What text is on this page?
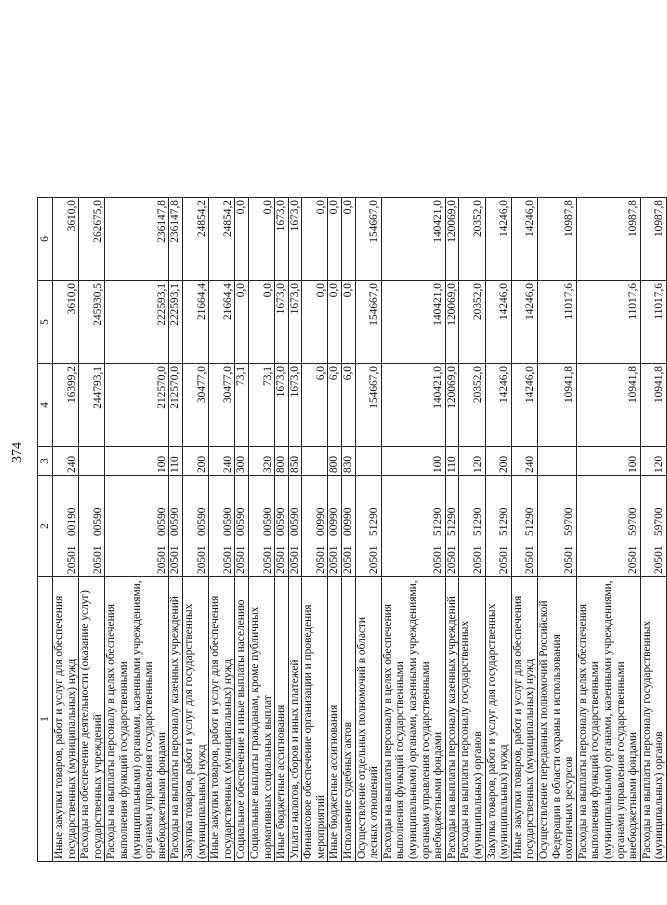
374
1	2	3	4	5	6
Иные закупки товаров, работ и услуг для обеспечения государственных (муниципальных) нужд	2050100190	240	16399,2	3610,0	3610,0
Расходы на обеспечение деятельности (оказание услуг) государственных учреждений	2050100590		244793,1	245930,5	262675,0
Расходы на выплаты персоналу в целях обеспечения выполнения функций государственными (муниципальными) органами, казенными учреждениями, органами управления государственными внебюджетными фондами	2050100590	100	212570,0	222593,1	236147,8
Расходы на выплаты персоналу казенных учреждений	2050100590	110	212570,0	222593,1	236147,8
Закупка товаров, работ и услуг для государственных (муниципальных) нужд	2050100590	200	30477,0	21664,4	24854,2
Иные закупки товаров, работ и услуг для обеспечения государственных (муниципальных) нужд	2050100590	240	30477,0	21664,4	24854,2
Социальное обеспечение и иные выплаты населению	2050100590	300	73,1	0,0	0,0
Социальные выплаты гражданам, кроме публичных нормативных социальных выплат	2050100590	320	73,1	0,0	0,0
Иные бюджетные ассигнования	2050100590	800	1673,0	1673,0	1673,0
Уплата налогов, сборов и иных платежей	2050100590	850	1673,0	1673,0	1673,0
Финансовое обеспечение организации и проведения мероприятий	2050100990		6,0	0,0	0,0
Иные бюджетные ассигнования	2050100990	800	6,0	0,0	0,0
Исполнение судебных актов	2050100990	830	6,0	0,0	0,0
Осуществление отдельных полномочий в области лесных отношений	2050151290		154667,0	154667,0	154667,0
Расходы на выплаты персоналу в целях обеспечения выполнения функций государственными (муниципальными) органами, казенными учреждениями, органами управления государственными внебюджетными фондами	2050151290	100	140421,0	140421,0	140421,0
Расходы на выплаты персоналу казенных учреждений	2050151290	110	120069,0	120069,0	120069,0
Расходы на выплаты персоналу государственных (муниципальных) органов	2050151290	120	20352,0	20352,0	20352,0
Закупка товаров, работ и услуг для государственных (муниципальных) нужд	2050151290	200	14246,0	14246,0	14246,0
Иные закупки товаров, работ и услуг для обеспечения государственных (муниципальных) нужд	2050151290	240	14246,0	14246,0	14246,0
Осуществление переданных полномочий Российской Федерации в области охраны и использования охотничьих ресурсов	2050159700		10941,8	11017,6	10987,8
Расходы на выплаты персоналу в целях обеспечения выполнения функций государственными (муниципальными) органами, казенными учреждениями, органами управления государственными внебюджетными фондами	2050159700	100	10941,8	11017,6	10987,8
Расходы на выплаты персоналу государственных (муниципальных) органов	2050159700	120	10941,8	11017,6	10987,8
